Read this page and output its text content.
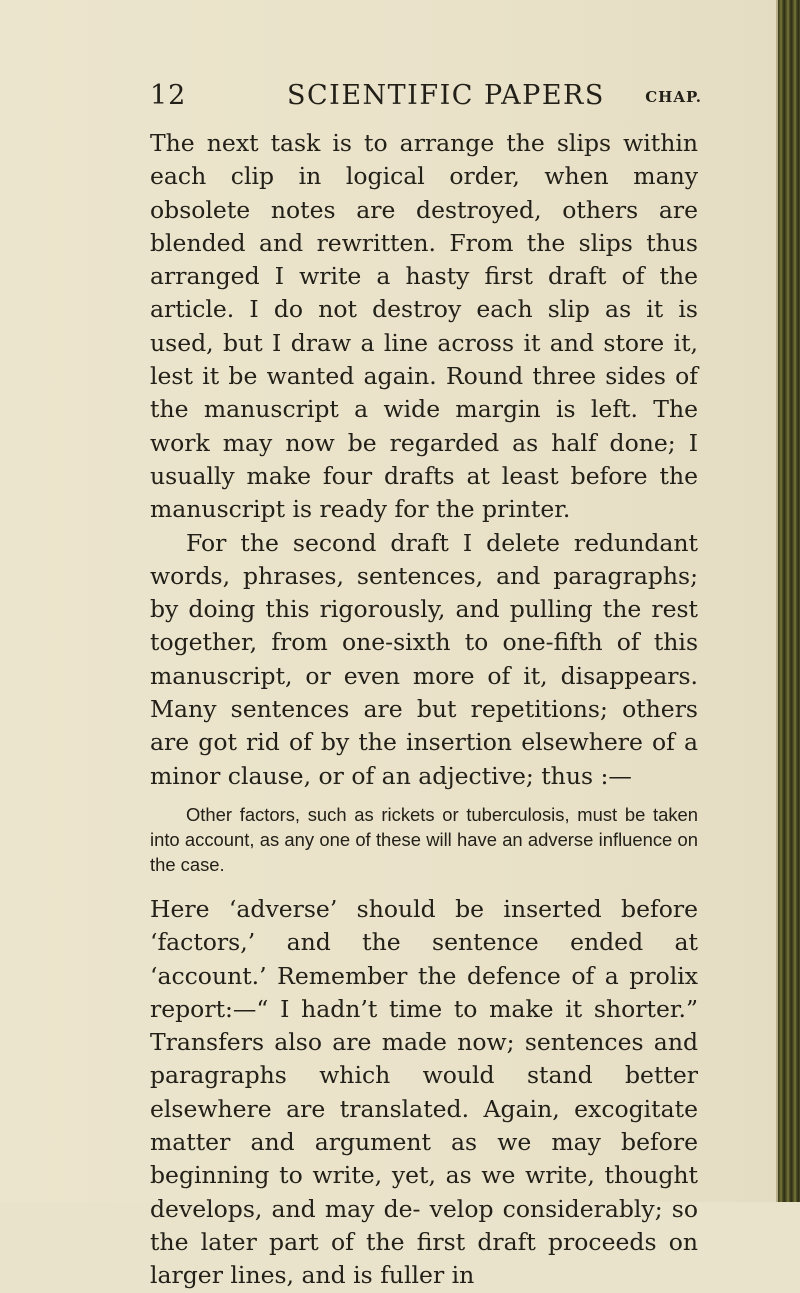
12	SCIENTIFIC PAPERS	CHAP.

The next task is to arrange the slips within each clip in logical order, when many obsolete notes are destroyed, others are blended and rewritten. From the slips thus arranged I write a hasty first draft of the article. I do not destroy each slip as it is used, but I draw a line across it and store it, lest it be wanted again. Round three sides of the manuscript a wide margin is left. The work may now be regarded as half done; I usually make four drafts at least before the manuscript is ready for the printer.

For the second draft I delete redundant words, phrases, sentences, and paragraphs; by doing this rigorously, and pulling the rest together, from one-sixth to one-fifth of this manuscript, or even more of it, disappears. Many sentences are but repetitions; others are got rid of by the insertion elsewhere of a minor clause, or of an adjective; thus :—

Other factors, such as rickets or tuberculosis, must be taken into account, as any one of these will have an adverse influence on the case.

Here ‘adverse’ should be inserted before ‘factors,’ and the sentence ended at ‘account.’ Remember the defence of a prolix report:—“ I hadn’t time to make it shorter.” Transfers also are made now; sentences and paragraphs which would stand better elsewhere are translated. Again, excogitate matter and argument as we may before beginning to write, yet, as we write, thought develops, and may de- velop considerably; so the later part of the first draft proceeds on larger lines, and is fuller in
